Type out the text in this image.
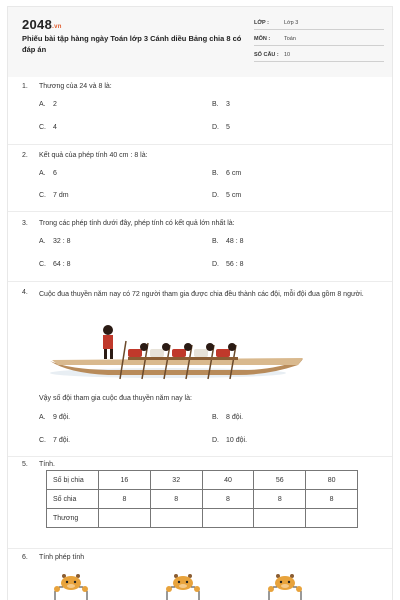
2048.vn
Phiếu bài tập hàng ngày Toán lớp 3 Cánh diều Bảng chia 8 có đáp án
LỚP :	Lớp 3
MÔN :	Toán
SỐ CÂU : 10
1.	Thương của 24 và 8 là:
A. 2	B. 3
C. 4	D. 5
2.	Kết quả của phép tính 40 cm : 8 là:
A. 6	B. 6 cm
C. 7 dm	D. 5 cm
3.	Trong các phép tính dưới đây, phép tính có kết quả lớn nhất là:
A. 32 : 8	B. 48 : 8
C. 64 : 8	D. 56 : 8
4.	Cuộc đua thuyền năm nay có 72 người tham gia được chia đều thành các đội, mỗi đội đua gồm 8 người.
Vậy số đội tham gia cuộc đua thuyền năm nay là:
A. 9 đội.	B. 8 đội.
C. 7 đội.	D. 10 đội.
5.	Tính.
Số bị chia	16	32	40	56	80
Số chia	8	8	8	8	8
Thương					
6.	Tính phép tính
